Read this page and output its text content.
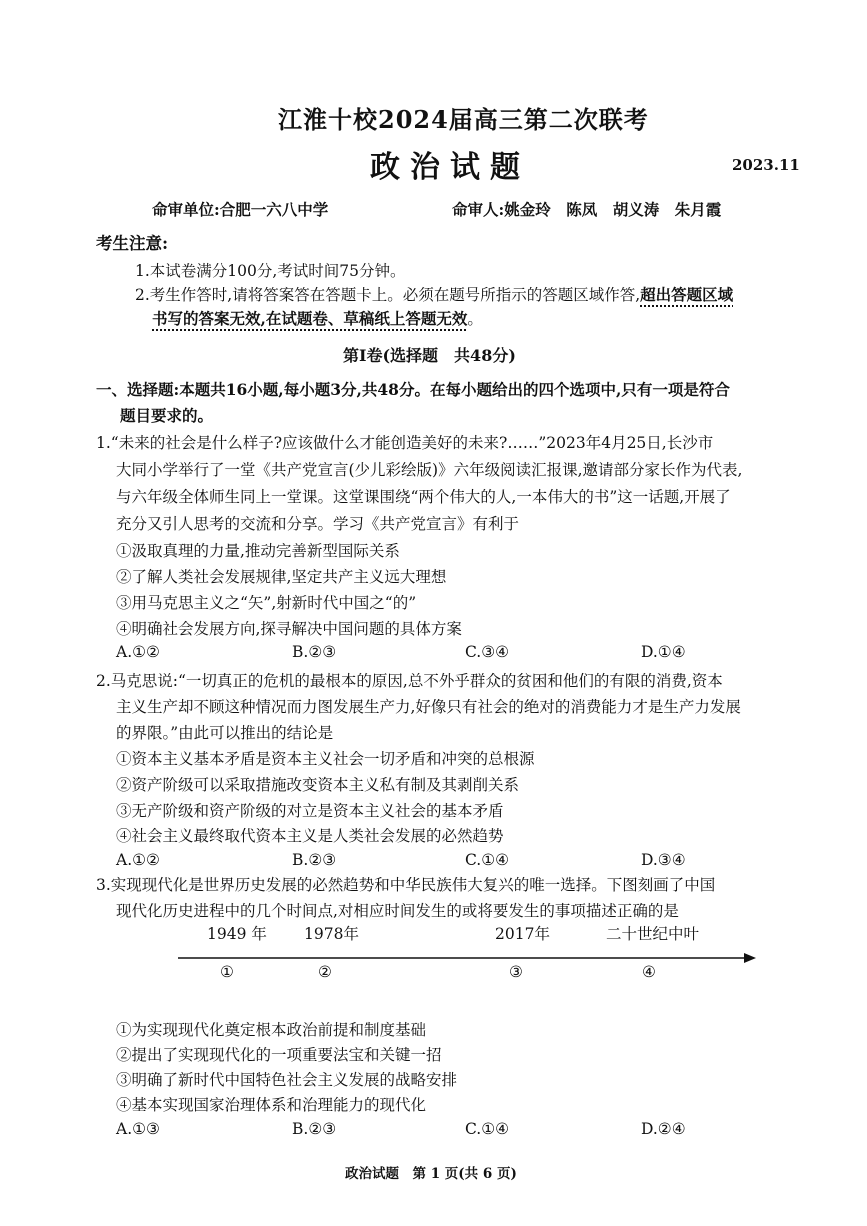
江淮十校2024届高三第二次联考
政治试题	2023.11
命审单位:合肥一六八中学	命审人:姚金玲　陈凤　胡义涛　朱月霞
考生注意:
1.本试卷满分100分,考试时间75分钟。
2.考生作答时,请将答案答在答题卡上。必须在题号所指示的答题区域作答,超出答题区域
书写的答案无效,在试题卷、草稿纸上答题无效。
第Ⅰ卷(选择题　共48分)
一、选择题:本题共16小题,每小题3分,共48分。在每小题给出的四个选项中,只有一项是符合
题目要求的。
1.“未来的社会是什么样子?应该做什么才能创造美好的未来?……”2023年4月25日,长沙市
大同小学举行了一堂《共产党宣言(少儿彩绘版)》六年级阅读汇报课,邀请部分家长作为代表,
与六年级全体师生同上一堂课。这堂课围绕“两个伟大的人,一本伟大的书”这一话题,开展了
充分又引人思考的交流和分享。学习《共产党宣言》有利于
①汲取真理的力量,推动完善新型国际关系
②了解人类社会发展规律,坚定共产主义远大理想
③用马克思主义之“矢”,射新时代中国之“的”
④明确社会发展方向,探寻解决中国问题的具体方案
A.①②	B.②③	C.③④	D.①④
2.马克思说:“一切真正的危机的最根本的原因,总不外乎群众的贫困和他们的有限的消费,资本
主义生产却不顾这种情况而力图发展生产力,好像只有社会的绝对的消费能力才是生产力发展
的界限。”由此可以推出的结论是
①资本主义基本矛盾是资本主义社会一切矛盾和冲突的总根源
②资产阶级可以采取措施改变资本主义私有制及其剥削关系
③无产阶级和资产阶级的对立是资本主义社会的基本矛盾
④社会主义最终取代资本主义是人类社会发展的必然趋势
A.①②	B.②③	C.①④	D.③④
3.实现现代化是世界历史发展的必然趋势和中华民族伟大复兴的唯一选择。下图刻画了中国
现代化历史进程中的几个时间点,对相应时间发生的或将要发生的事项描述正确的是
1949 年 1978年	2017年	二十世纪中叶
①	②	③	④
①为实现现代化奠定根本政治前提和制度基础
②提出了实现现代化的一项重要法宝和关键一招
③明确了新时代中国特色社会主义发展的战略安排
④基本实现国家治理体系和治理能力的现代化
A.①③	B.②③	C.①④	D.②④
政治试题　第 1 页(共 6 页)
